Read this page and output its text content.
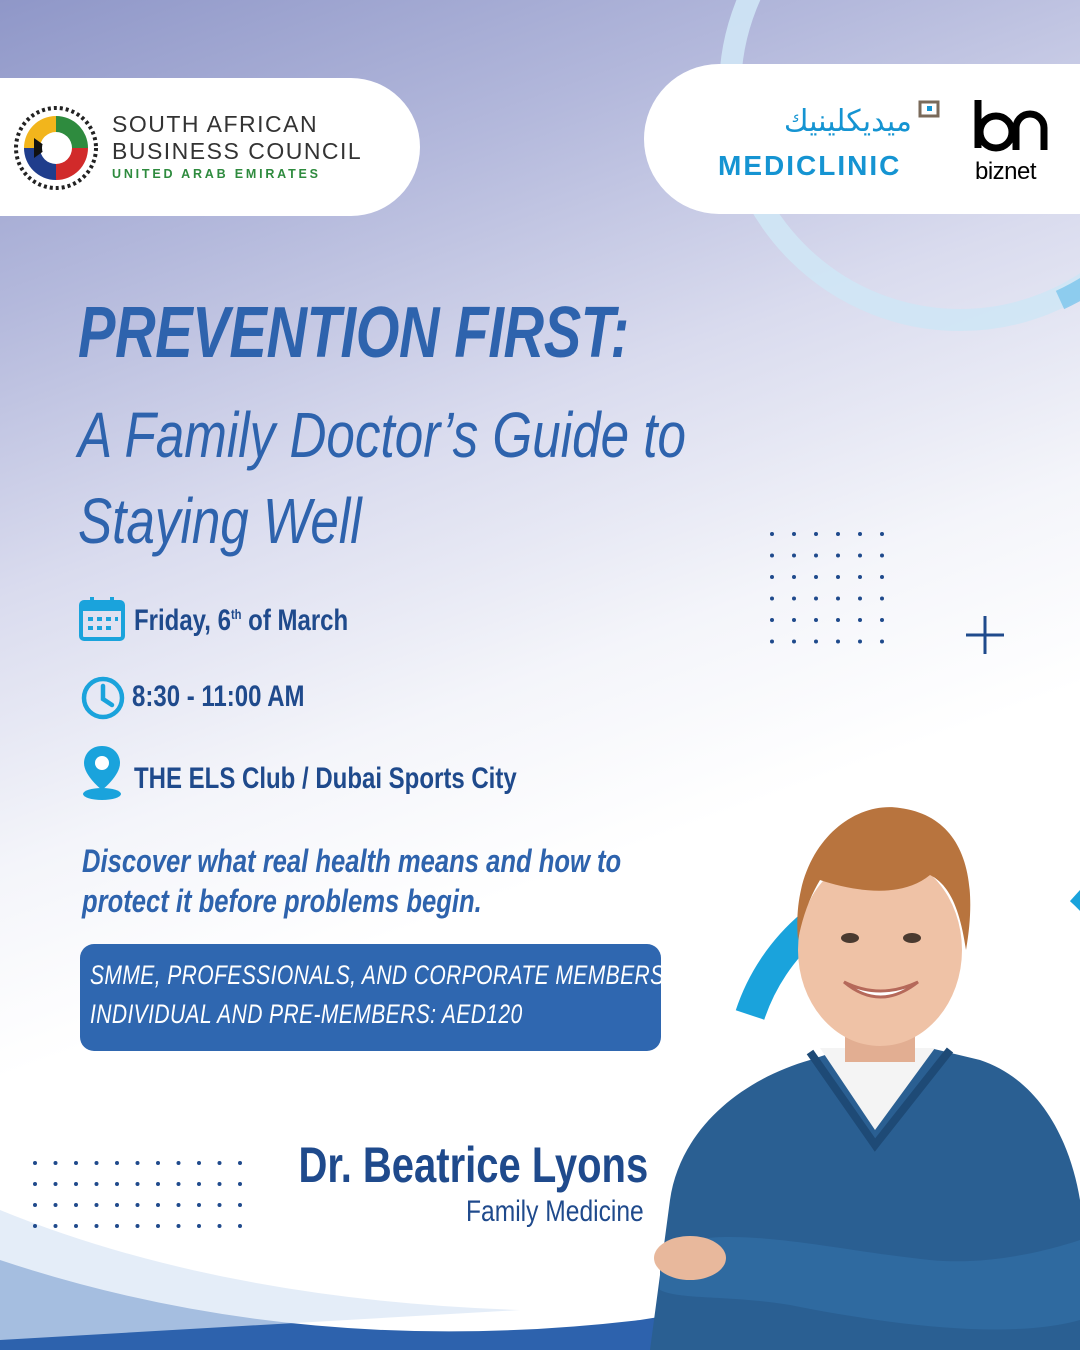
SOUTH AFRICAN
BUSINESS COUNCIL
UNITED ARAB EMIRATES
ميديكلينيك
MEDICLINIC	biznet
PREVENTION FIRST:
A Family Doctor’s Guide to
Staying Well
Friday, 6th of March
8:30 - 11:00 AM
THE ELS Club / Dubai Sports City
Discover what real health means and how to
protect it before problems begin.
SMME, PROFESSIONALS, AND CORPORATE MEMBERS: FREE
INDIVIDUAL AND PRE-MEMBERS: AED120
Dr. Beatrice Lyons
Family Medicine
